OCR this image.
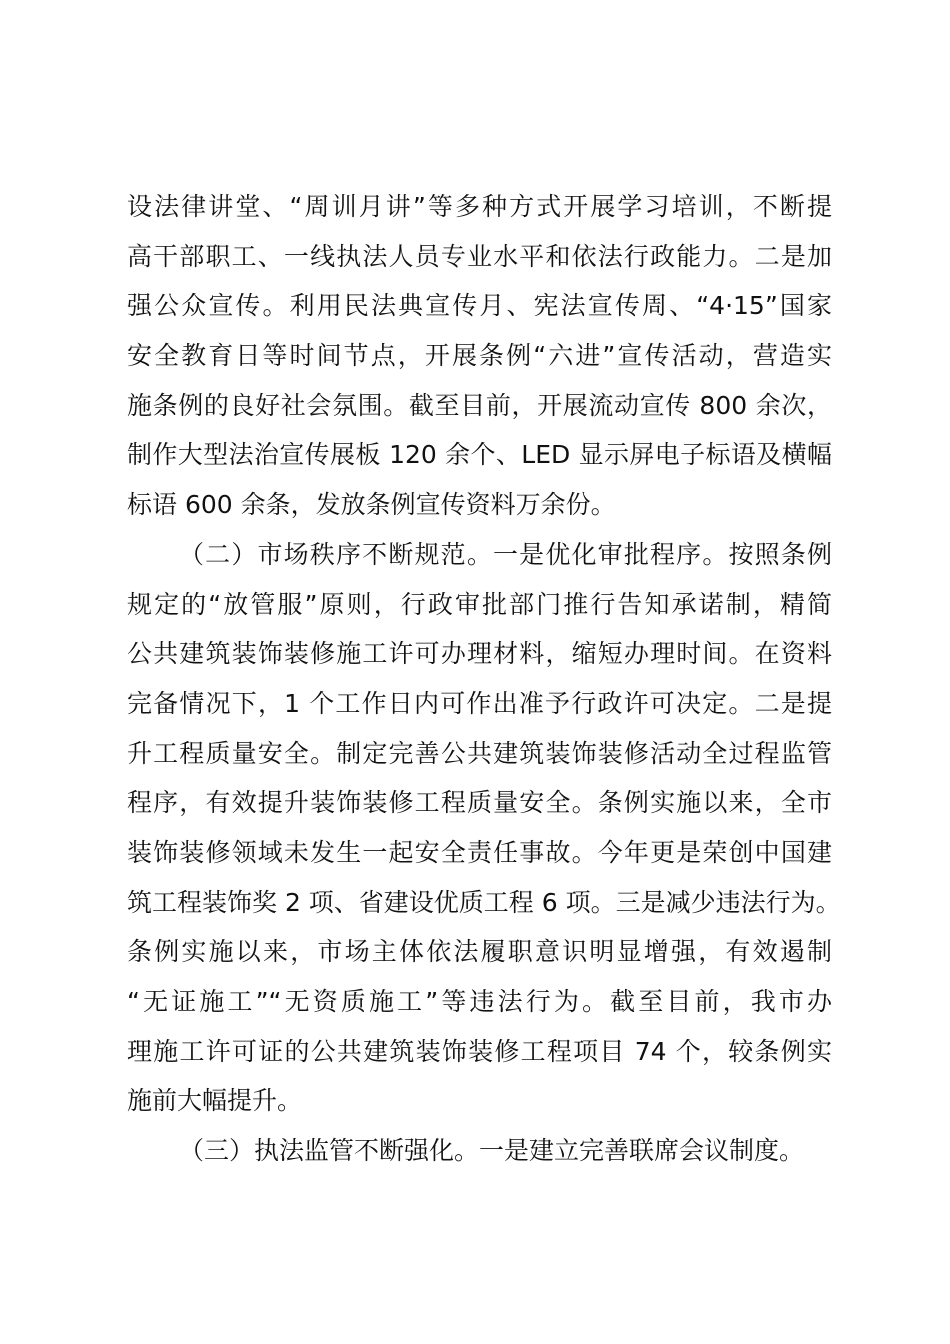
设法律讲堂、“周训月讲”等多种方式开展学习培训，不断提
高干部职工、一线执法人员专业水平和依法行政能力。二是加
强公众宣传。利用民法典宣传月、宪法宣传周、“4·15”国家
安全教育日等时间节点，开展条例“六进”宣传活动，营造实
施条例的良好社会氛围。截至目前，开展流动宣传 800 余次，
制作大型法治宣传展板 120 余个、LED 显示屏电子标语及横幅
标语 600 余条，发放条例宣传资料万余份。
（二）市场秩序不断规范。一是优化审批程序。按照条例
规定的“放管服”原则，行政审批部门推行告知承诺制，精简
公共建筑装饰装修施工许可办理材料，缩短办理时间。在资料
完备情况下，1 个工作日内可作出准予行政许可决定。二是提
升工程质量安全。制定完善公共建筑装饰装修活动全过程监管
程序，有效提升装饰装修工程质量安全。条例实施以来，全市
装饰装修领域未发生一起安全责任事故。今年更是荣创中国建
筑工程装饰奖 2 项、省建设优质工程 6 项。三是减少违法行为。
条例实施以来，市场主体依法履职意识明显增强，有效遏制
“无证施工”“无资质施工”等违法行为。截至目前，我市办
理施工许可证的公共建筑装饰装修工程项目 74 个，较条例实
施前大幅提升。
（三）执法监管不断强化。一是建立完善联席会议制度。
